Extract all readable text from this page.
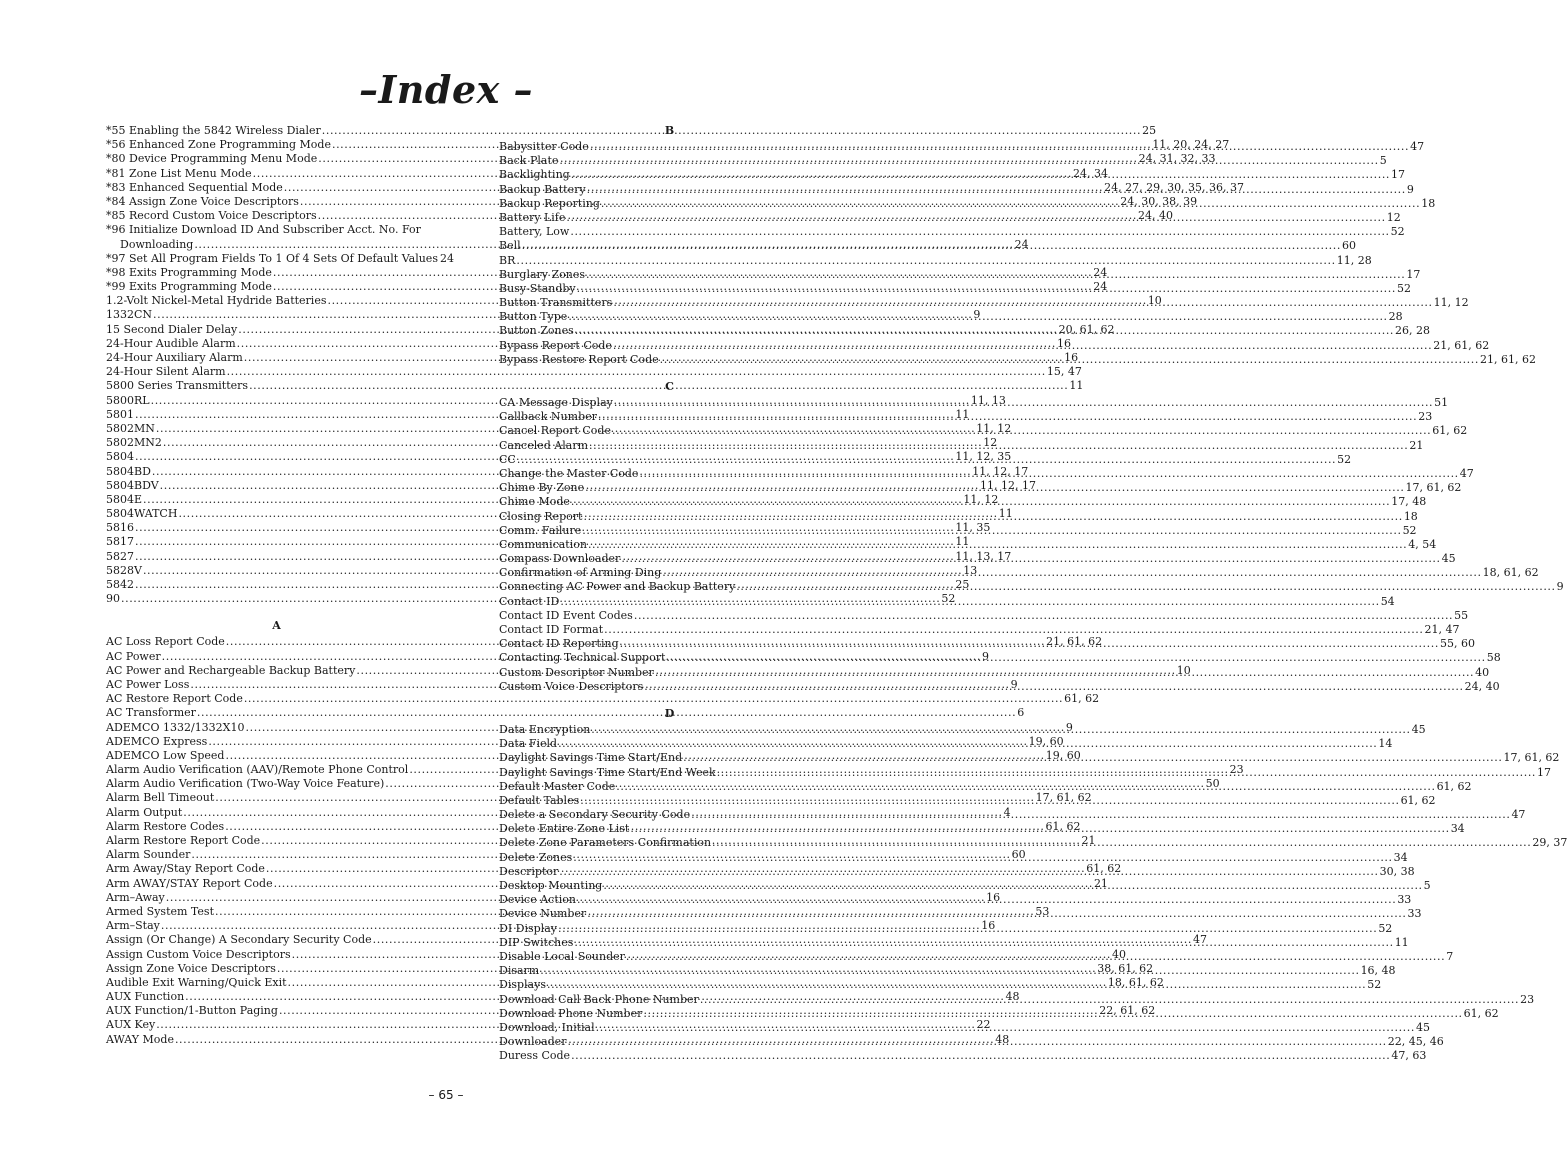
–Index –
*55 Enabling the 5842 Wireless Dialer .....	25
*56 Enhanced Zone Programming Mode .....	11, 20, 24, 27
*80 Device Programming Menu Mode .....	24, 31, 32, 33
*81 Zone List Menu Mode .....	24, 34
*83 Enhanced Sequential Mode .....	24, 27, 29, 30, 35, 36, 37
*84 Assign Zone Voice Descriptors .....	24, 30, 38, 39
*85 Record Custom Voice Descriptors .....	24, 40
*96 Initialize Download ID And Subscriber Acct. No. For
Downloading .....	24
*97 Set All Program Fields To 1 Of 4 Sets Of Default Values 24
*98 Exits Programming Mode .....	24
*99 Exits Programming Mode .....	24
1.2-Volt Nickel-Metal Hydride Batteries .....	10
1332CN .....	9
15 Second Dialer Delay .....	20, 61, 62
24-Hour Audible Alarm .....	16
24-Hour Auxiliary Alarm .....	16
24-Hour Silent Alarm .....	15, 47
5800 Series Transmitters .....	11
5800RL .....	11, 13
5801 .....	11
5802MN .....	11, 12
5802MN2 .....	12
5804 .....	11, 12, 35
5804BD .....	11, 12, 17
5804BDV .....	11, 12, 17
5804E .....	11, 12
5804WATCH .....	11
5816 .....	11, 35
5817 .....	11
5827 .....	11, 13, 17
5828V .....	13
5842 .....	25
90 .....	52
A
AC Loss Report Code .....	21, 61, 62
AC Power .....	9
AC Power and Rechargeable Backup Battery .....	10
AC Power Loss .....	9
AC Restore Report Code .....	61, 62
AC Transformer .....	6
ADEMCO 1332/1332X10 .....	9
ADEMCO Express .....	19, 60
ADEMCO Low Speed .....	19, 60
Alarm Audio Verification (AAV)/Remote Phone Control .....	23
Alarm Audio Verification (Two-Way Voice Feature) .....	50
Alarm Bell Timeout .....	17, 61, 62
Alarm Output .....	4
Alarm Restore Codes .....	61, 62
Alarm Restore Report Code .....	21
Alarm Sounder .....	60
Arm Away/Stay Report Code .....	61, 62
Arm AWAY/STAY Report Code .....	21
Arm–Away .....	16
Armed System Test .....	53
Arm–Stay .....	16
Assign (Or Change) A Secondary Security Code .....	47
Assign Custom Voice Descriptors .....	40
Assign Zone Voice Descriptors .....	38, 61, 62
Audible Exit Warning/Quick Exit .....	18, 61, 62
AUX Function .....	48
AUX Function/1-Button Paging .....	22, 61, 62
AUX Key .....	22
AWAY Mode .....	48
B
Babysitter Code .....	47
Back Plate .....	5
Backlighting .....	17
Backup Battery .....	9
Backup Reporting .....	18
Battery Life .....	12
Battery, Low .....	52
Bell .....	60
BR .....	11, 28
Burglary Zones .....	17
Busy-Standby .....	52
Button Transmitters .....	11, 12
Button Type .....	28
Button Zones .....	26, 28
Bypass Report Code .....	21, 61, 62
Bypass Restore Report Code .....	21, 61, 62
C
CA Message Display .....	51
Callback Number .....	23
Cancel Report Code .....	61, 62
Canceled Alarm .....	21
CC .....	52
Change the Master Code .....	47
Chime By Zone .....	17, 61, 62
Chime Mode .....	17, 48
Closing Report .....	18
Comm. Failure .....	52
Communication .....	4, 54
Compass Downloader .....	45
Confirmation of Arming Ding .....	18, 61, 62
Connecting AC Power and Backup Battery .....	9
Contact ID .....	54
Contact ID Event Codes .....	55
Contact ID Format .....	21, 47
Contact ID Reporting .....	55, 60
Contacting Technical Support .....	58
Custom Descriptor Number .....	40
Custom Voice Descriptors .....	24, 40
D
Data Encryption .....	45
Data Field .....	14
Daylight Savings Time Start/End .....	17, 61, 62
Daylight Savings Time Start/End Week .....	17
Default Master Code .....	61, 62
Default Tables .....	61, 62
Delete a Secondary Security Code .....	47
Delete Entire Zone List .....	34
Delete Zone Parameters Confirmation .....	29, 37
Delete Zones .....	34
Descriptor .....	30, 38
Desktop Mounting .....	5
Device Action .....	33
Device Number .....	33
DI Display .....	52
DIP Switches .....	11
Disable Local Sounder .....	7
Disarm .....	16, 48
Displays .....	52
Download Call Back Phone Number .....	23
Download Phone Number .....	61, 62
Download, Initial .....	45
Downloader .....	22, 45, 46
Duress Code .....	47, 63
– 65 –
